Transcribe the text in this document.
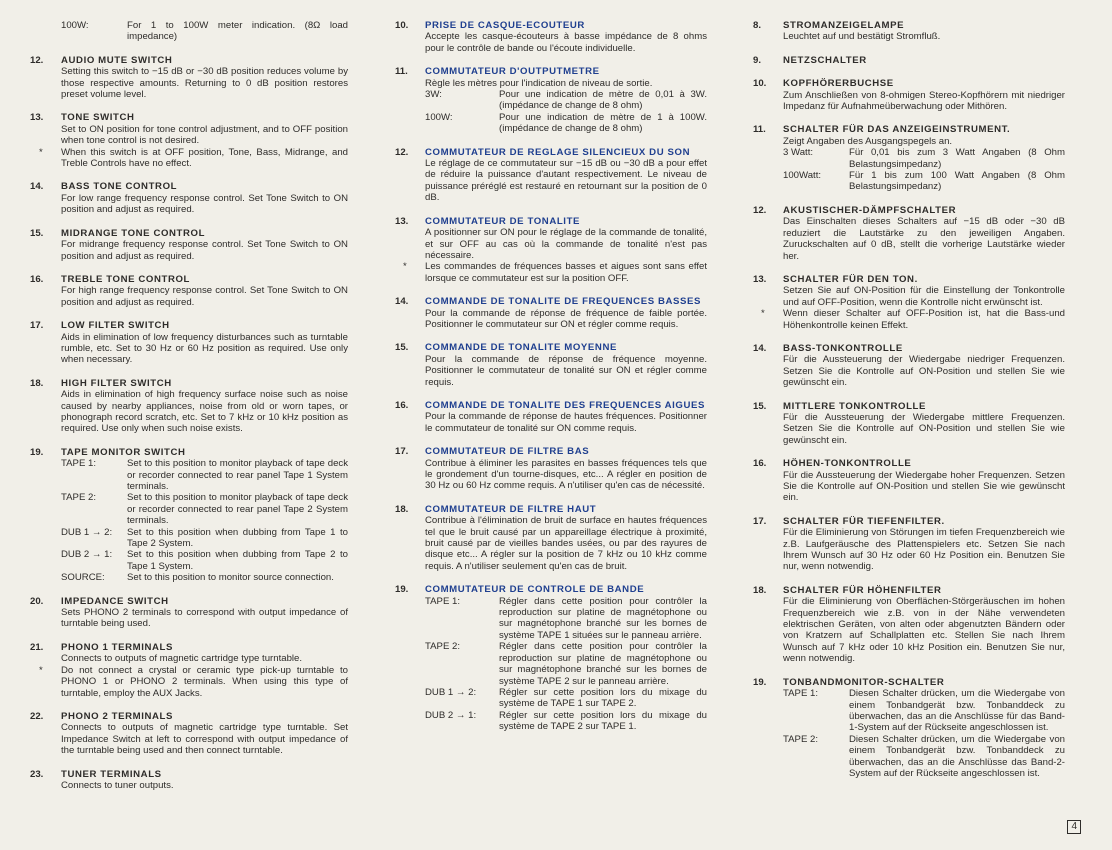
100W:	For 1 to 100W meter indication. (8Ω load impedance)
12. AUDIO MUTE SWITCH

Setting this switch to −15 dB or −30 dB position reduces volume by those respective amounts. Returning to 0 dB position restores preset volume level.

13. TONE SWITCH

Set to ON position for tone control adjustment, and to OFF position when tone control is not desired.

* When this switch is at OFF position, Tone, Bass, Midrange, and Treble Controls have no effect.

14. BASS TONE CONTROL

For low range frequency response control. Set Tone Switch to ON position and adjust as required.

15. MIDRANGE TONE CONTROL

For midrange frequency response control. Set Tone Switch to ON position and adjust as required.

16. TREBLE TONE CONTROL

For high range frequency response control. Set Tone Switch to ON position and adjust as required.

17. LOW FILTER SWITCH

Aids in elimination of low frequency disturbances such as turntable rumble, etc. Set to 30 Hz or 60 Hz position as required. Use only when necessary.

18. HIGH FILTER SWITCH

Aids in elimination of high frequency surface noise such as noise caused by nearby appliances, noise from old or worn tapes, or phonograph record scratch, etc. Set to 7 kHz or 10 kHz position as required. Use only when such noise exists.

19. TAPE MONITOR SWITCH
TAPE 1:	Set to this position to monitor playback of tape deck or recorder connected to rear panel Tape 1 System terminals.
TAPE 2:	Set to this position to monitor playback of tape deck or recorder connected to rear panel Tape 2 System terminals.
DUB 1 → 2:	Set to this position when dubbing from Tape 1 to Tape 2 System.
DUB 2 → 1:	Set to this position when dubbing from Tape 2 to Tape 1 System.
SOURCE:	Set to this position to monitor source connection.
20. IMPEDANCE SWITCH

Sets PHONO 2 terminals to correspond with output impedance of turntable being used.

21. PHONO 1 TERMINALS

Connects to outputs of magnetic cartridge type turntable.

* Do not connect a crystal or ceramic type pick-up turntable to PHONO 1 or PHONO 2 terminals. When using this type of turntable, employ the AUX Jacks.

22. PHONO 2 TERMINALS

Connects to outputs of magnetic cartridge type turntable. Set Impedance Switch at left to correspond with output impedance of the turntable being used and then connect turntable.

23. TUNER TERMINALS

Connects to tuner outputs.

10. PRISE DE CASQUE-ECOUTEUR

Accepte les casque-écouteurs à basse impédance de 8 ohms pour le contrôle de bande ou l'écoute individuelle.

11. COMMUTATEUR D'OUTPUTMETRE

Règle les mètres pour l'indication de niveau de sortie.

3W:	Pour une indication de mètre de 0,01 à 3W. (impédance de change de 8 ohm)
100W:	Pour une indication de mètre de 1 à 100W. (impédance de change de 8 ohm)
12. COMMUTATEUR DE REGLAGE SILENCIEUX DU SON

Le réglage de ce commutateur sur −15 dB ou −30 dB a pour effet de réduire la puissance d'autant respectivement. Le niveau de puissance préréglé est restauré en retournant sur la position de 0 dB.

13. COMMUTATEUR DE TONALITE

A positionner sur ON pour le réglage de la commande de tonalité, et sur OFF au cas où la commande de tonalité n'est pas nécessaire.

* Les commandes de fréquences basses et aigues sont sans effet lorsque ce commutateur est sur la position OFF.

14. COMMANDE DE TONALITE DE FREQUENCES BASSES

Pour la commande de réponse de fréquence de faible portée. Positionner le commutateur sur ON et régler comme requis.

15. COMMANDE DE TONALITE MOYENNE

Pour la commande de réponse de fréquence moyenne. Positionner le commutateur de tonalité sur ON et régler comme requis.

16. COMMANDE DE TONALITE DES FREQUENCES AIGUES

Pour la commande de réponse de hautes fréquences. Positionner le commutateur de tonalité sur ON comme requis.

17. COMMUTATEUR DE FILTRE BAS

Contribue à éliminer les parasites en basses fréquences tels que le grondement d'un tourne-disques, etc... A régler en position de 30 Hz ou 60 Hz comme requis. A n'utiliser qu'en cas de nécessité.

18. COMMUTATEUR DE FILTRE HAUT

Contribue à l'élimination de bruit de surface en hautes fréquences tel que le bruit causé par un appareillage électrique à proximité, bruit causé par de vieilles bandes usées, ou par des rayures de disque etc... A régler sur la position de 7 kHz ou 10 kHz comme requis. A n'utiliser seulement qu'en cas de bruit.

19. COMMUTATEUR DE CONTROLE DE BANDE
TAPE 1:	Régler dans cette position pour contrôler la reproduction sur platine de magnétophone ou sur magnétophone branché sur les bornes de système TAPE 1 situées sur le panneau arrière.
TAPE 2:	Régler dans cette position pour contrôler la reproduction sur platine de magnétophone ou sur magnétophone branché sur les bornes de système TAPE 2 sur le panneau arrière.
DUB 1 → 2:	Régler sur cette position lors du mixage du système de TAPE 1 sur TAPE 2.
DUB 2 → 1:	Régler sur cette position lors du mixage du système de TAPE 2 sur TAPE 1.
8. STROMANZEIGELAMPE

Leuchtet auf und bestätigt Stromfluß.

9. NETZSCHALTER
10. KOPFHÖRERBUCHSE

Zum Anschließen von 8-ohmigen Stereo-Kopfhörern mit niedriger Impedanz für Aufnahmeüberwachung oder Mithören.

11. SCHALTER FÜR DAS ANZEIGEINSTRUMENT.

Zeigt Angaben des Ausgangspegels an.

3 Watt:	Für 0,01 bis zum 3 Watt Angaben (8 Ohm Belastungsimpedanz)
100Watt:	Für 1 bis zum 100 Watt Angaben (8 Ohm Belastungsimpedanz)
12. AKUSTISCHER-DÄMPFSCHALTER

Das Einschalten dieses Schalters auf −15 dB oder −30 dB reduziert die Lautstärke zu den jeweiligen Angaben. Zuruckschalten auf 0 dB, stellt die vorherige Lautstärke wieder her.

13. SCHALTER FÜR DEN TON.

Setzen Sie auf ON-Position für die Einstellung der Tonkontrolle und auf OFF-Position, wenn die Kontrolle nicht erwünscht ist.

* Wenn dieser Schalter auf OFF-Position ist, hat die Bass-und Höhenkontrolle keinen Effekt.

14. BASS-TONKONTROLLE

Für die Aussteuerung der Wiedergabe niedriger Frequenzen. Setzen Sie die Kontrolle auf ON-Position und stellen Sie wie gewünscht ein.

15. MITTLERE TONKONTROLLE

Für die Aussteuerung der Wiedergabe mittlere Frequenzen. Setzen Sie die Kontrolle auf ON-Position und stellen Sie wie gewünscht ein.

16. HÖHEN-TONKONTROLLE

Für die Aussteuerung der Wiedergabe hoher Frequenzen. Setzen Sie die Kontrolle auf ON-Position und stellen Sie wie gewünscht ein.

17. SCHALTER FÜR TIEFENFILTER.

Für die Eliminierung von Störungen im tiefen Frequenzbereich wie z.B. Laufgeräusche des Plattenspielers etc. Setzen Sie nach Ihrem Wunsch auf 30 Hz oder 60 Hz Position ein. Benutzen Sie nur, wenn notwendig.

18. SCHALTER FÜR HÖHENFILTER

Für die Eliminierung von Oberflächen-Störgeräuschen im hohen Frequenzbereich wie z.B. von in der Nähe verwendeten elektrischen Geräten, von alten oder abgenutzten Bändern oder von Kratzern auf Schallplatten etc. Stellen Sie nach Ihrem Wunsch auf 7 kHz oder 10 kHz Position ein. Benutzen Sie nur, wenn notwendig.

19. TONBANDMONITOR-SCHALTER
TAPE 1:	Diesen Schalter drücken, um die Wiedergabe von einem Tonbandgerät bzw. Tonbanddeck zu überwachen, das an die Anschlüsse für das Band-1-System auf der Rückseite angeschlossen ist.
TAPE 2:	Diesen Schalter drücken, um die Wiedergabe von einem Tonbandgerät bzw. Tonbanddeck zu überwachen, das an die Anschlüsse das Band-2-System auf der Rückseite angeschlossen ist.
4
